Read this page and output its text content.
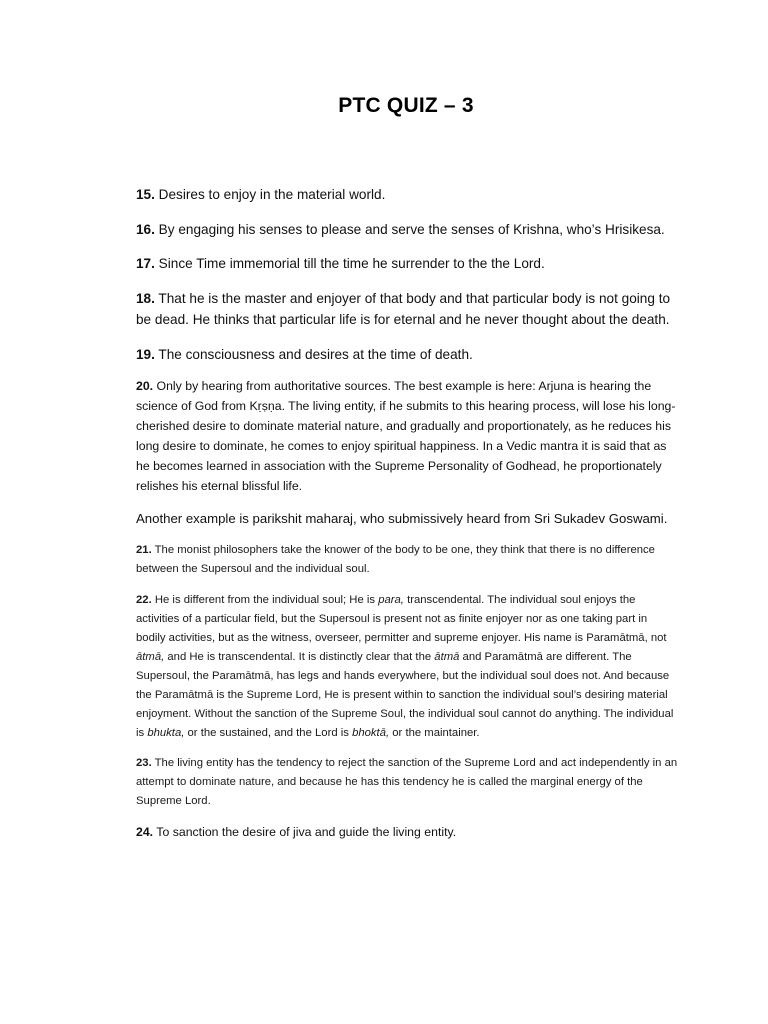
PTC QUIZ – 3

15. Desires to enjoy in the material world.

16. By engaging his senses to please and serve the senses of Krishna, who’s Hrisikesa.

17. Since Time immemorial till the time he surrender to the the Lord.

18. That he is the master and enjoyer of that body and that particular body is not going to be dead. He thinks that particular life is for eternal and he never thought about the death.

19. The consciousness and desires at the time of death.

20. Only by hearing from authoritative sources. The best example is here: Arjuna is hearing the science of God from Kṛṣṇa. The living entity, if he submits to this hearing process, will lose his long-cherished desire to dominate material nature, and gradually and proportionately, as he reduces his long desire to dominate, he comes to enjoy spiritual happiness. In a Vedic mantra it is said that as he becomes learned in association with the Supreme Personality of Godhead, he proportionately relishes his eternal blissful life.

Another example is parikshit maharaj, who submissively heard from Sri Sukadev Goswami.

21. The monist philosophers take the knower of the body to be one, they think that there is no difference between the Supersoul and the individual soul.

22. He is different from the individual soul; He is para, transcendental. The individual soul enjoys the activities of a particular field, but the Supersoul is present not as finite enjoyer nor as one taking part in bodily activities, but as the witness, overseer, permitter and supreme enjoyer. His name is Paramātmā, not ātmā, and He is transcendental. It is distinctly clear that the ātmā and Paramātmā are different. The Supersoul, the Paramātmā, has legs and hands everywhere, but the individual soul does not. And because the Paramātmā is the Supreme Lord, He is present within to sanction the individual soul’s desiring material enjoyment. Without the sanction of the Supreme Soul, the individual soul cannot do anything. The individual is bhukta, or the sustained, and the Lord is bhoktā, or the maintainer.

23. The living entity has the tendency to reject the sanction of the Supreme Lord and act independently in an attempt to dominate nature, and because he has this tendency he is called the marginal energy of the Supreme Lord.

24. To sanction the desire of jiva and guide the living entity.
